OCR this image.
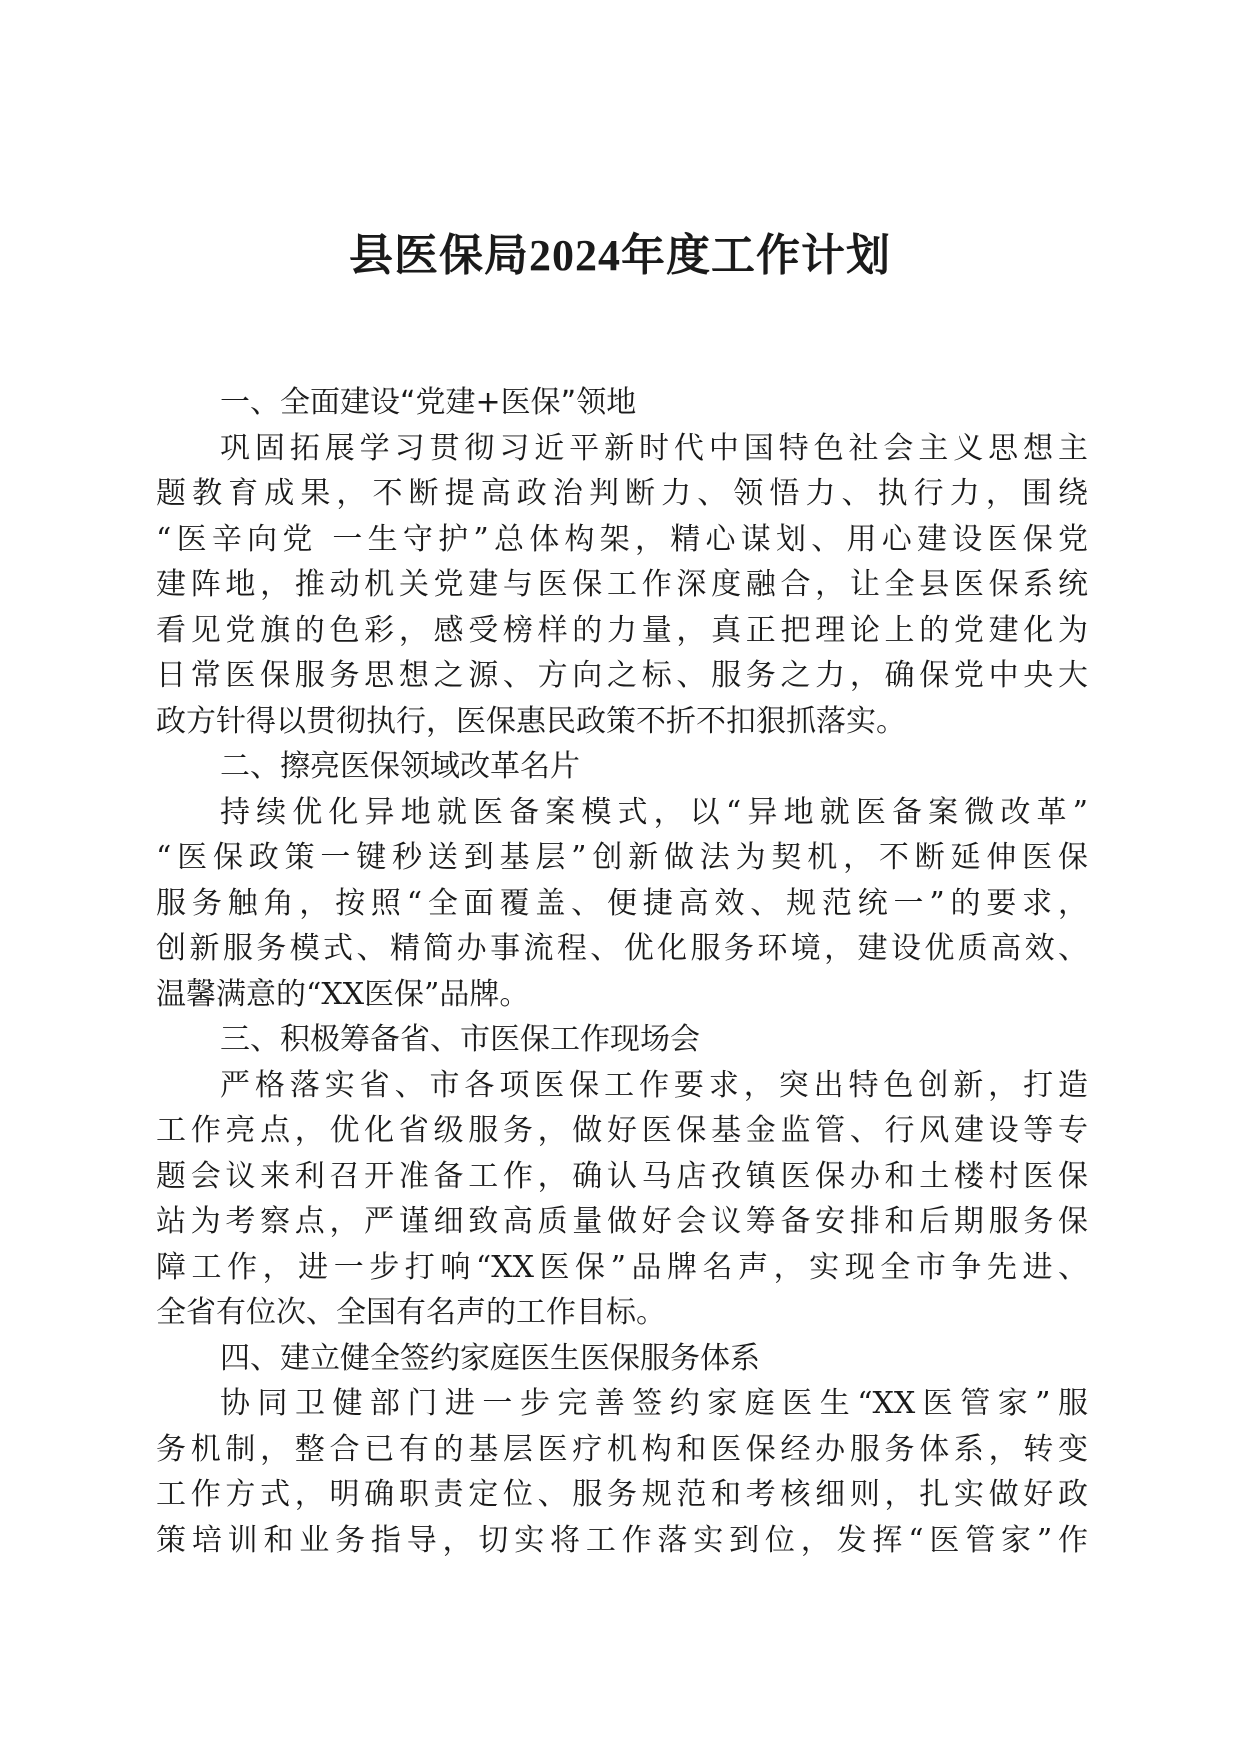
县医保局2024年度工作计划
一、全面建设“党建+医保”领地

巩固拓展学习贯彻习近平新时代中国特色社会主义思想主

题教育成果，不断提高政治判断力、领悟力、执行力，围绕

“医辛向党 一生守护”总体构架，精心谋划、用心建设医保党

建阵地，推动机关党建与医保工作深度融合，让全县医保系统

看见党旗的色彩，感受榜样的力量，真正把理论上的党建化为

日常医保服务思想之源、方向之标、服务之力，确保党中央大

政方针得以贯彻执行，医保惠民政策不折不扣狠抓落实。

二、擦亮医保领域改革名片

持续优化异地就医备案模式，以“异地就医备案微改革”

“医保政策一键秒送到基层”创新做法为契机，不断延伸医保

服务触角，按照“全面覆盖、便捷高效、规范统一”的要求，

创新服务模式、精简办事流程、优化服务环境，建设优质高效、

温馨满意的“XX医保”品牌。

三、积极筹备省、市医保工作现场会

严格落实省、市各项医保工作要求，突出特色创新，打造

工作亮点，优化省级服务，做好医保基金监管、行风建设等专

题会议来利召开准备工作，确认马店孜镇医保办和土楼村医保

站为考察点，严谨细致高质量做好会议筹备安排和后期服务保

障工作，进一步打响“XX医保”品牌名声，实现全市争先进、

全省有位次、全国有名声的工作目标。

四、建立健全签约家庭医生医保服务体系

协同卫健部门进一步完善签约家庭医生“XX医管家”服

务机制，整合已有的基层医疗机构和医保经办服务体系，转变

工作方式，明确职责定位、服务规范和考核细则，扎实做好政

策培训和业务指导，切实将工作落实到位，发挥“医管家”作
